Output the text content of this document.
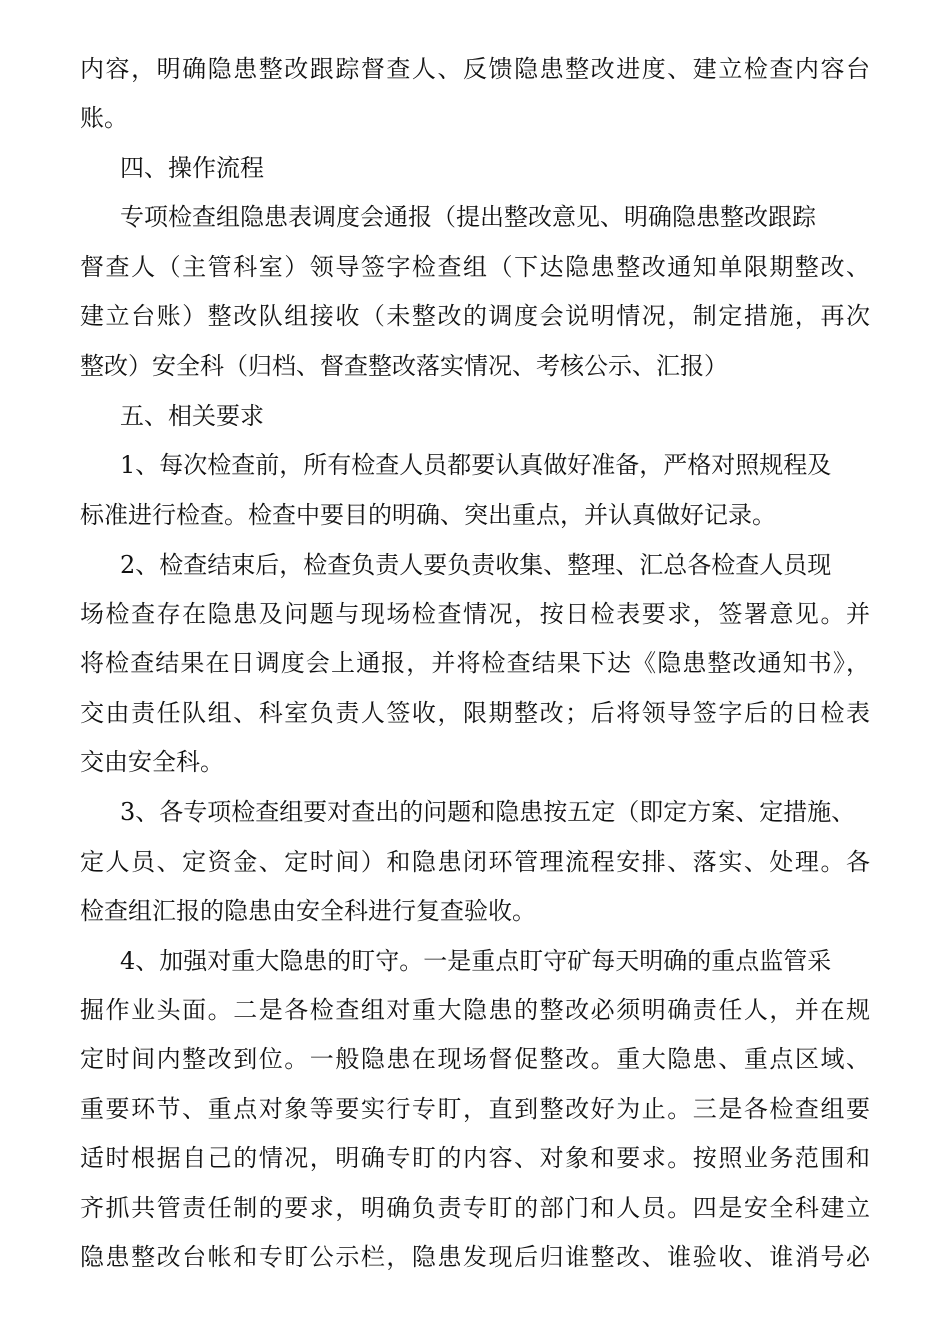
内容，明确隐患整改跟踪督查人、反馈隐患整改进度、建立检查内容台
账。
四、操作流程
专项检查组隐患表调度会通报（提出整改意见、明确隐患整改跟踪
督查人（主管科室）领导签字检查组（下达隐患整改通知单限期整改、
建立台账）整改队组接收（未整改的调度会说明情况，制定措施，再次
整改）安全科（归档、督查整改落实情况、考核公示、汇报）
五、相关要求
1、每次检查前，所有检查人员都要认真做好准备，严格对照规程及
标准进行检查。检查中要目的明确、突出重点，并认真做好记录。
2、检查结束后，检查负责人要负责收集、整理、汇总各检查人员现
场检查存在隐患及问题与现场检查情况，按日检表要求，签署意见。并
将检查结果在日调度会上通报，并将检查结果下达《隐患整改通知书》，
交由责任队组、科室负责人签收，限期整改；后将领导签字后的日检表
交由安全科。
3、各专项检查组要对查出的问题和隐患按五定（即定方案、定措施、
定人员、定资金、定时间）和隐患闭环管理流程安排、落实、处理。各
检查组汇报的隐患由安全科进行复查验收。
4、加强对重大隐患的盯守。一是重点盯守矿每天明确的重点监管采
掘作业头面。二是各检查组对重大隐患的整改必须明确责任人，并在规
定时间内整改到位。一般隐患在现场督促整改。重大隐患、重点区域、
重要环节、重点对象等要实行专盯，直到整改好为止。三是各检查组要
适时根据自己的情况，明确专盯的内容、对象和要求。按照业务范围和
齐抓共管责任制的要求，明确负责专盯的部门和人员。四是安全科建立
隐患整改台帐和专盯公示栏，隐患发现后归谁整改、谁验收、谁消号必
